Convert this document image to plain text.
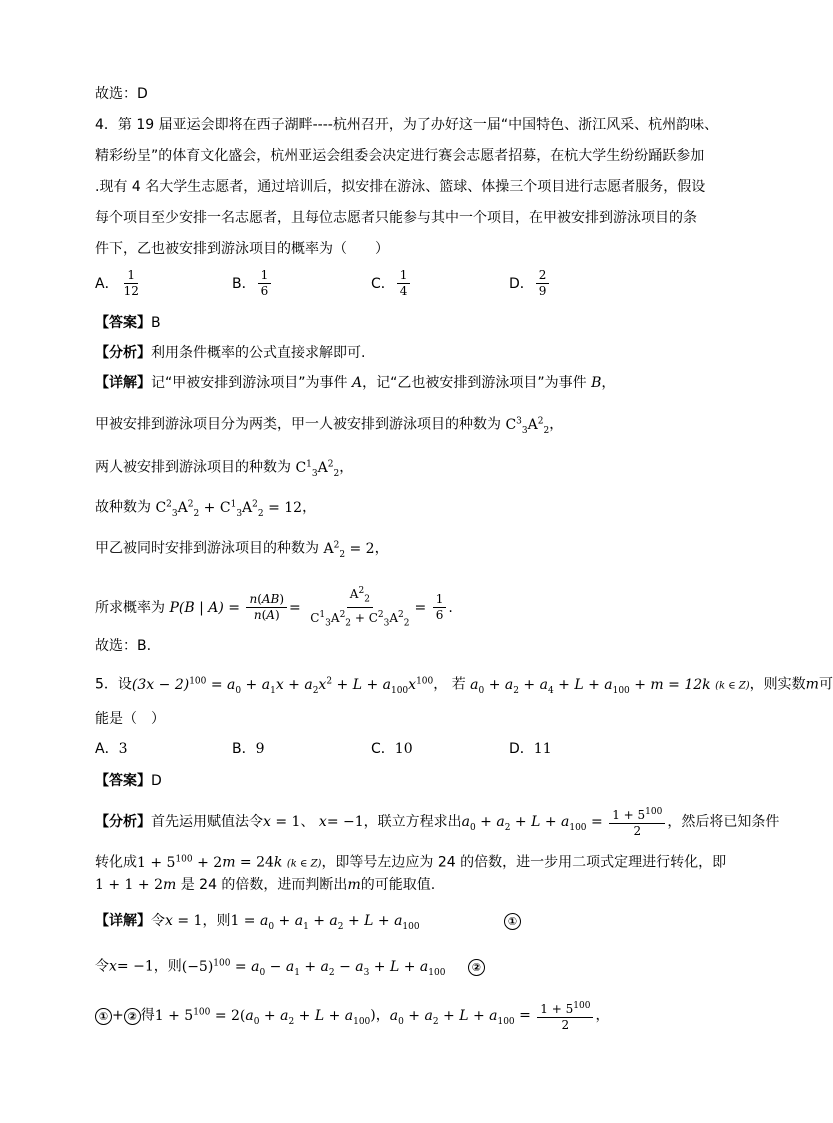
故选：D
4．第 19 届亚运会即将在西子湖畔----杭州召开，为了办好这一届“中国特色、浙江风采、杭州韵味、
精彩纷呈”的体育文化盛会，杭州亚运会组委会决定进行赛会志愿者招募，在杭大学生纷纷踊跃参加
.现有 4 名大学生志愿者，通过培训后，拟安排在游泳、篮球、体操三个项目进行志愿者服务，假设
每个项目至少安排一名志愿者，且每位志愿者只能参与其中一个项目，在甲被安排到游泳项目的条
件下，乙也被安排到游泳项目的概率为（　　）
A． $\frac{1}{12}$	B． $\frac{1}{6}$	C． $\frac{1}{4}$	D． $\frac{2}{9}$
【答案】B
【分析】利用条件概率的公式直接求解即可.
【详解】记“甲被安排到游泳项目”为事件 A，记“乙也被安排到游泳项目”为事件 B，
甲被安排到游泳项目分为两类，甲一人被安排到游泳项目的种数为 $C^3_3A^2_2$，
两人被安排到游泳项目的种数为 $C^1_3A^2_2$，
故种数为 $C^2_3A^2_2 + C^1_3A^2_2 = 12$，
甲乙被同时安排到游泳项目的种数为 $A^2_2 = 2$，
所求概率为 P(B | $A) = \frac{n(AB)}{n(A)} = \frac{A^2_2}{C^1_3A^2_2 + C^2_3A^2_2} = \frac{1}{6}$ .
故选：B.
5．设$(3x - 2)^{100} = a_0 + a_1x + a_2x^2 + L + a_{100}x^{100}$， 若 $a_0 + a_2 + a_4 + L + a_{100} + m = 12k$ (k ∈ Z)，则实数m可
能是（　）
A． 3	B． 9	C． 10	D． 11
【答案】D
【分析】首先运用赋值法令x = 1、 x= −1，联立方程求出$a_0 + a_2 + L + a_{100} = \frac{1 + 5^{100}}{2}$ ，然后将已知条件
转化成$1 + 5^{100} + 2m = 24k$ (k ∈ Z)，即等号左边应为 24 的倍数，进一步用二项式定理进行转化，即
1 + 1 + 2m 是 24 的倍数，进而判断出m的可能取值.
【详解】令x = 1，则$1 = a_0 + a_1 + a_2 + L + a_{100}$	①
令x= −1，则$(-5)^{100} = a_0 - a_1 + a_2 - a_3 + L + a_{100}$ ②
① + ② 得$1 + 5^{100} = 2(a_0 + a_2 + L + a_{100})$，$a_0 + a_2 + L + a_{100} = \frac{1 + 5^{100}}{2}$ ，
